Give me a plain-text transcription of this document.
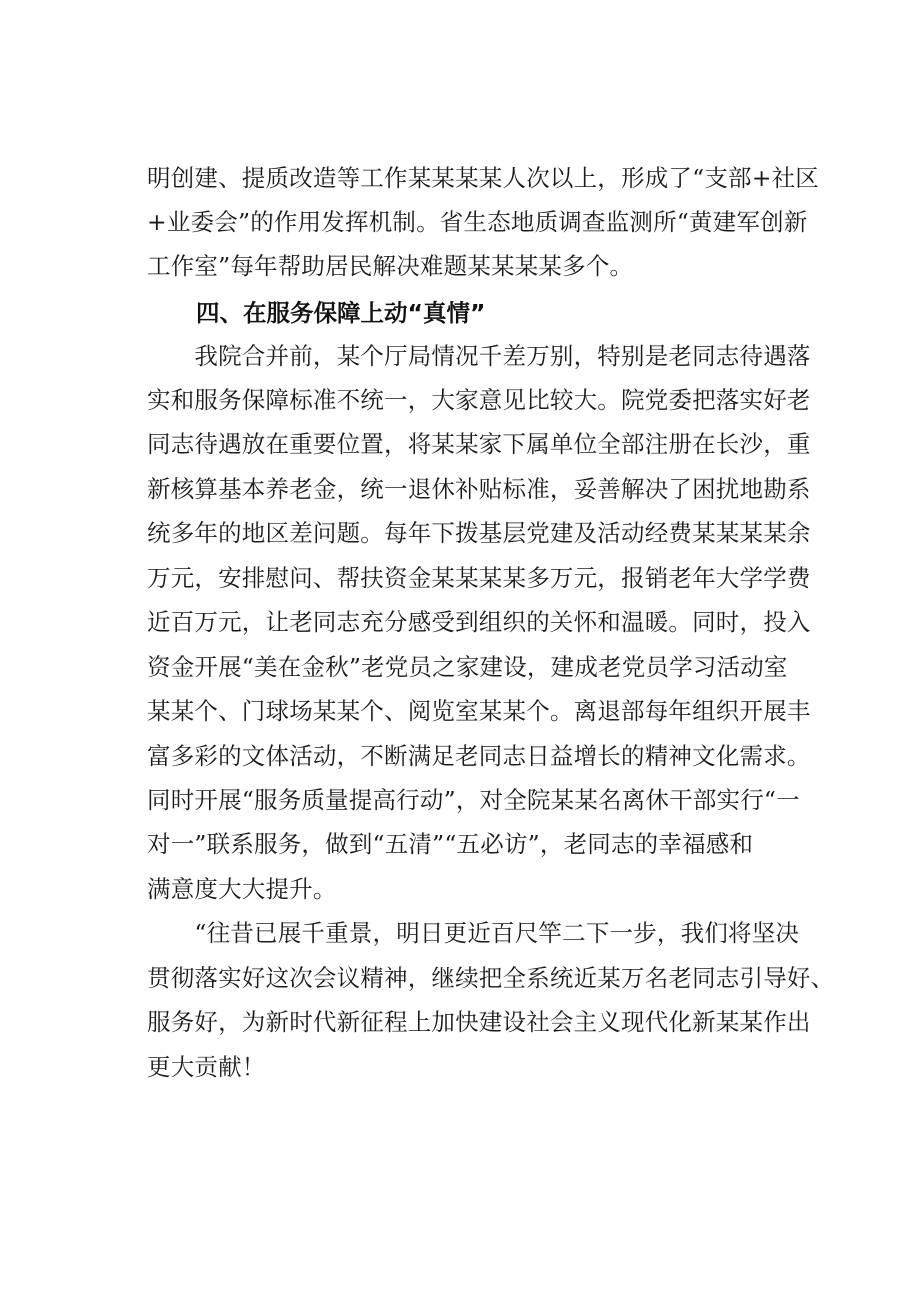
明创建、提质改造等工作某某某某人次以上，形成了“支部+社区
+业委会”的作用发挥机制。省生态地质调查监测所“黄建军创新
工作室”每年帮助居民解决难题某某某某多个。
四、在服务保障上动“真情”
　　我院合并前，某个厅局情况千差万别，特别是老同志待遇落
实和服务保障标准不统一，大家意见比较大。院党委把落实好老
同志待遇放在重要位置，将某某家下属单位全部注册在长沙，重
新核算基本养老金，统一退休补贴标准，妥善解决了困扰地勘系
统多年的地区差问题。每年下拨基层党建及活动经费某某某某余
万元，安排慰问、帮扶资金某某某某多万元，报销老年大学学费
近百万元，让老同志充分感受到组织的关怀和温暖。同时，投入
资金开展“美在金秋”老党员之家建设，建成老党员学习活动室
某某个、门球场某某个、阅览室某某个。离退部每年组织开展丰
富多彩的文体活动，不断满足老同志日益增长的精神文化需求。
同时开展“服务质量提高行动”，对全院某某名离休干部实行“一
对一”联系服务，做到“五清”“五必访”，老同志的幸福感和
满意度大大提升。
　　“往昔已展千重景，明日更近百尺竿二下一步，我们将坚决
贯彻落实好这次会议精神，继续把全系统近某万名老同志引导好、
服务好，为新时代新征程上加快建设社会主义现代化新某某作出
更大贡献！
